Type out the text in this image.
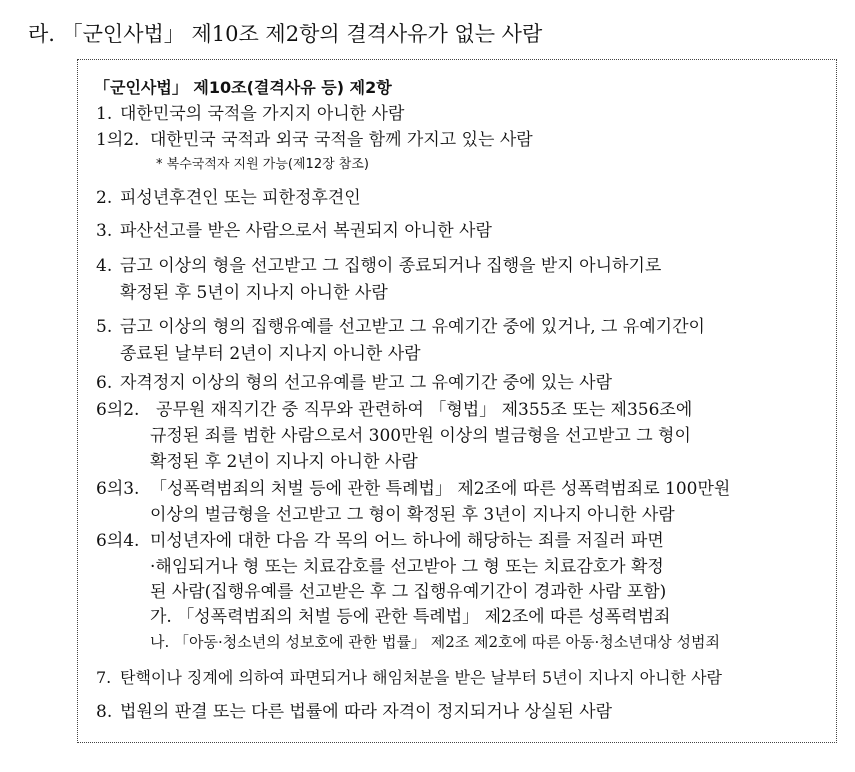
라. 「군인사법」 제10조 제2항의 결격사유가 없는 사람
「군인사법」 제10조(결격사유 등) 제2항
1. 대한민국의 국적을 가지지 아니한 사람
1의2. 대한민국 국적과 외국 국적을 함께 가지고 있는 사람
* 복수국적자 지원 가능(제12장 참조)
2. 피성년후견인 또는 피한정후견인
3. 파산선고를 받은 사람으로서 복권되지 아니한 사람
4. 금고 이상의 형을 선고받고 그 집행이 종료되거나 집행을 받지 아니하기로
확정된 후 5년이 지나지 아니한 사람
5. 금고 이상의 형의 집행유예를 선고받고 그 유예기간 중에 있거나, 그 유예기간이
종료된 날부터 2년이 지나지 아니한 사람
6. 자격정지 이상의 형의 선고유예를 받고 그 유예기간 중에 있는 사람
6의2. 공무원 재직기간 중 직무와 관련하여 「형법」 제355조 또는 제356조에
규정된 죄를 범한 사람으로서 300만원 이상의 벌금형을 선고받고 그 형이
확정된 후 2년이 지나지 아니한 사람
6의3. 「성폭력범죄의 처벌 등에 관한 특례법」 제2조에 따른 성폭력범죄로 100만원
이상의 벌금형을 선고받고 그 형이 확정된 후 3년이 지나지 아니한 사람
6의4. 미성년자에 대한 다음 각 목의 어느 하나에 해당하는 죄를 저질러 파면
·해임되거나 형 또는 치료감호를 선고받아 그 형 또는 치료감호가 확정
된 사람(집행유예를 선고받은 후 그 집행유예기간이 경과한 사람 포함)
가. 「성폭력범죄의 처벌 등에 관한 특례법」 제2조에 따른 성폭력범죄
나. 「아동·청소년의 성보호에 관한 법률」 제2조 제2호에 따른 아동·청소년대상 성범죄
7. 탄핵이나 징계에 의하여 파면되거나 해임처분을 받은 날부터 5년이 지나지 아니한 사람
8. 법원의 판결 또는 다른 법률에 따라 자격이 정지되거나 상실된 사람
